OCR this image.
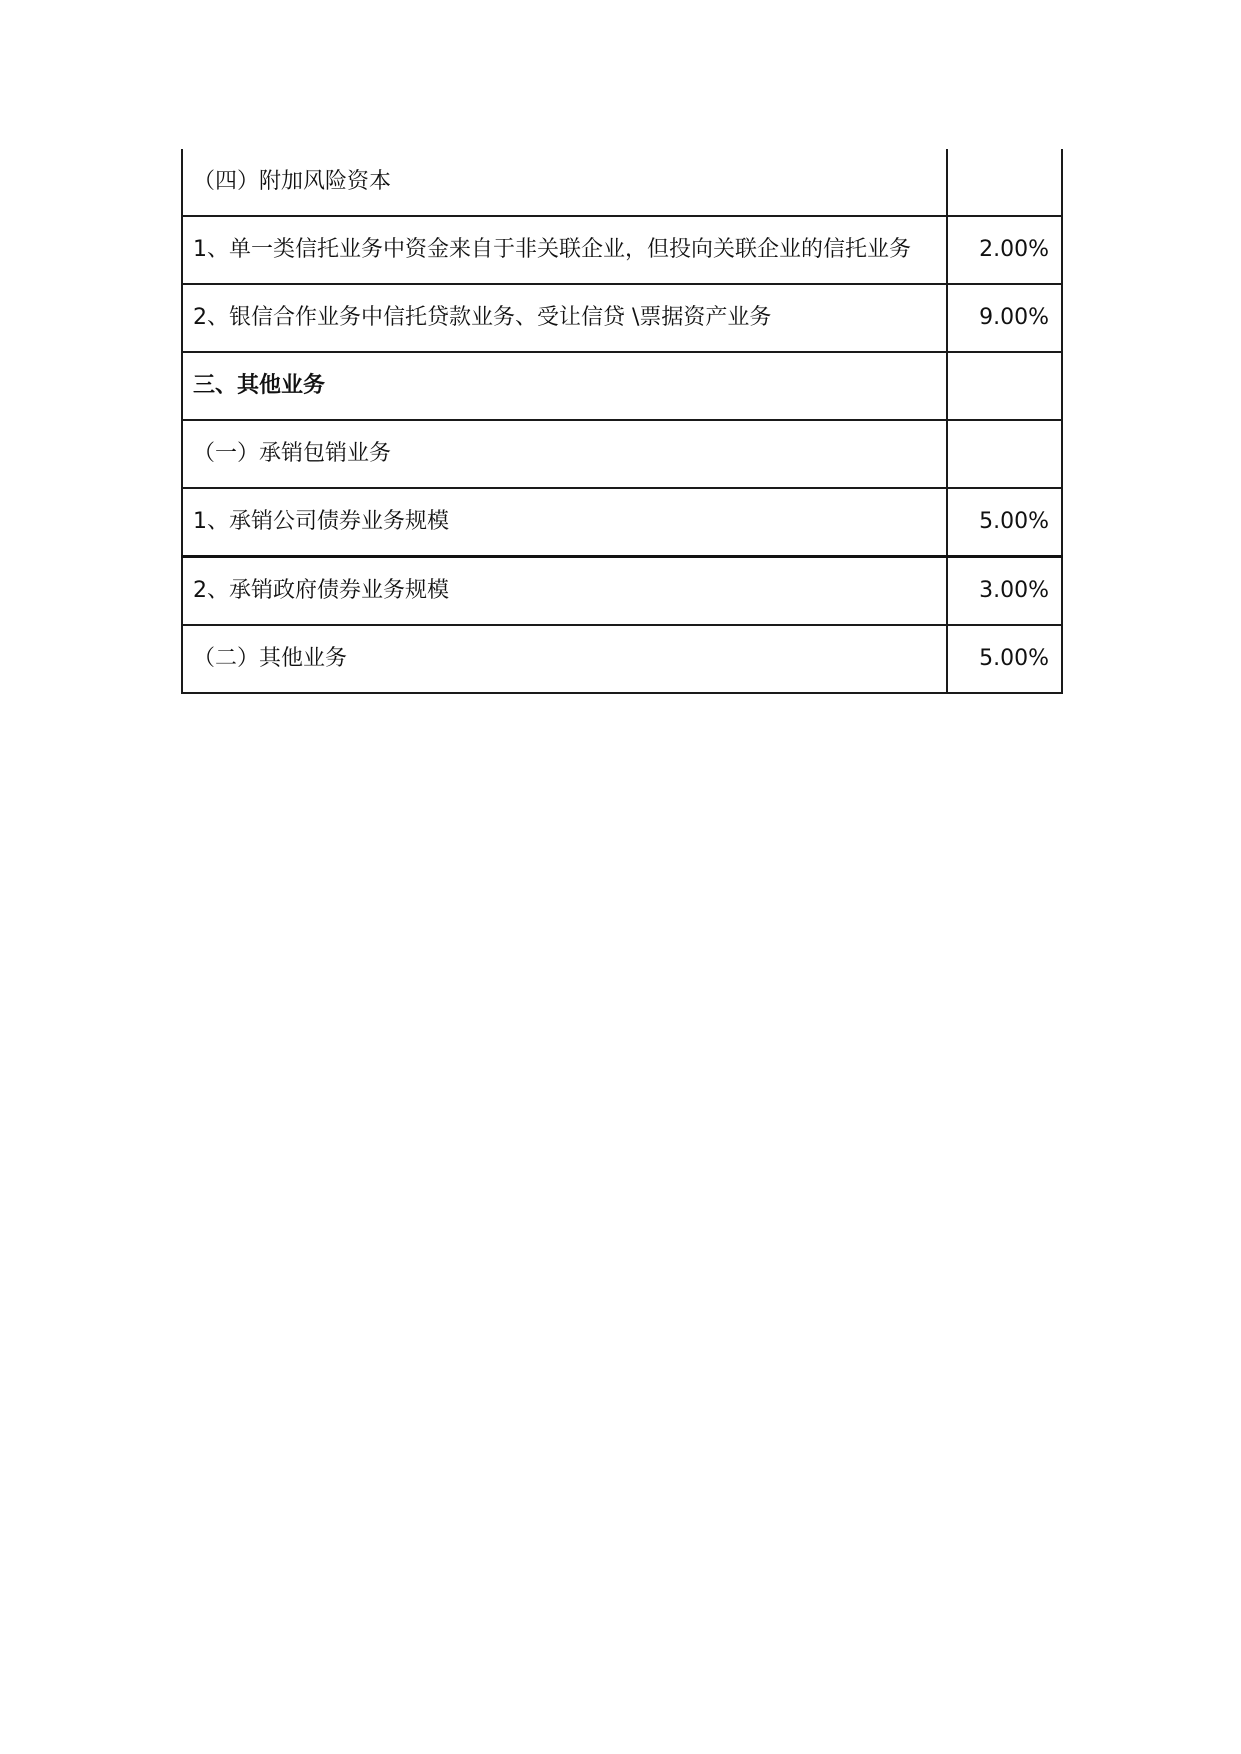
（四）附加风险资本	
1、单一类信托业务中资金来自于非关联企业，但投向关联企业的信托业务	2.00%
2、银信合作业务中信托贷款业务、受让信贷 \票据资产业务	9.00%
三、其他业务	
（一）承销包销业务	
1、承销公司债券业务规模	5.00%
2、承销政府债券业务规模	3.00%
（二）其他业务	5.00%
